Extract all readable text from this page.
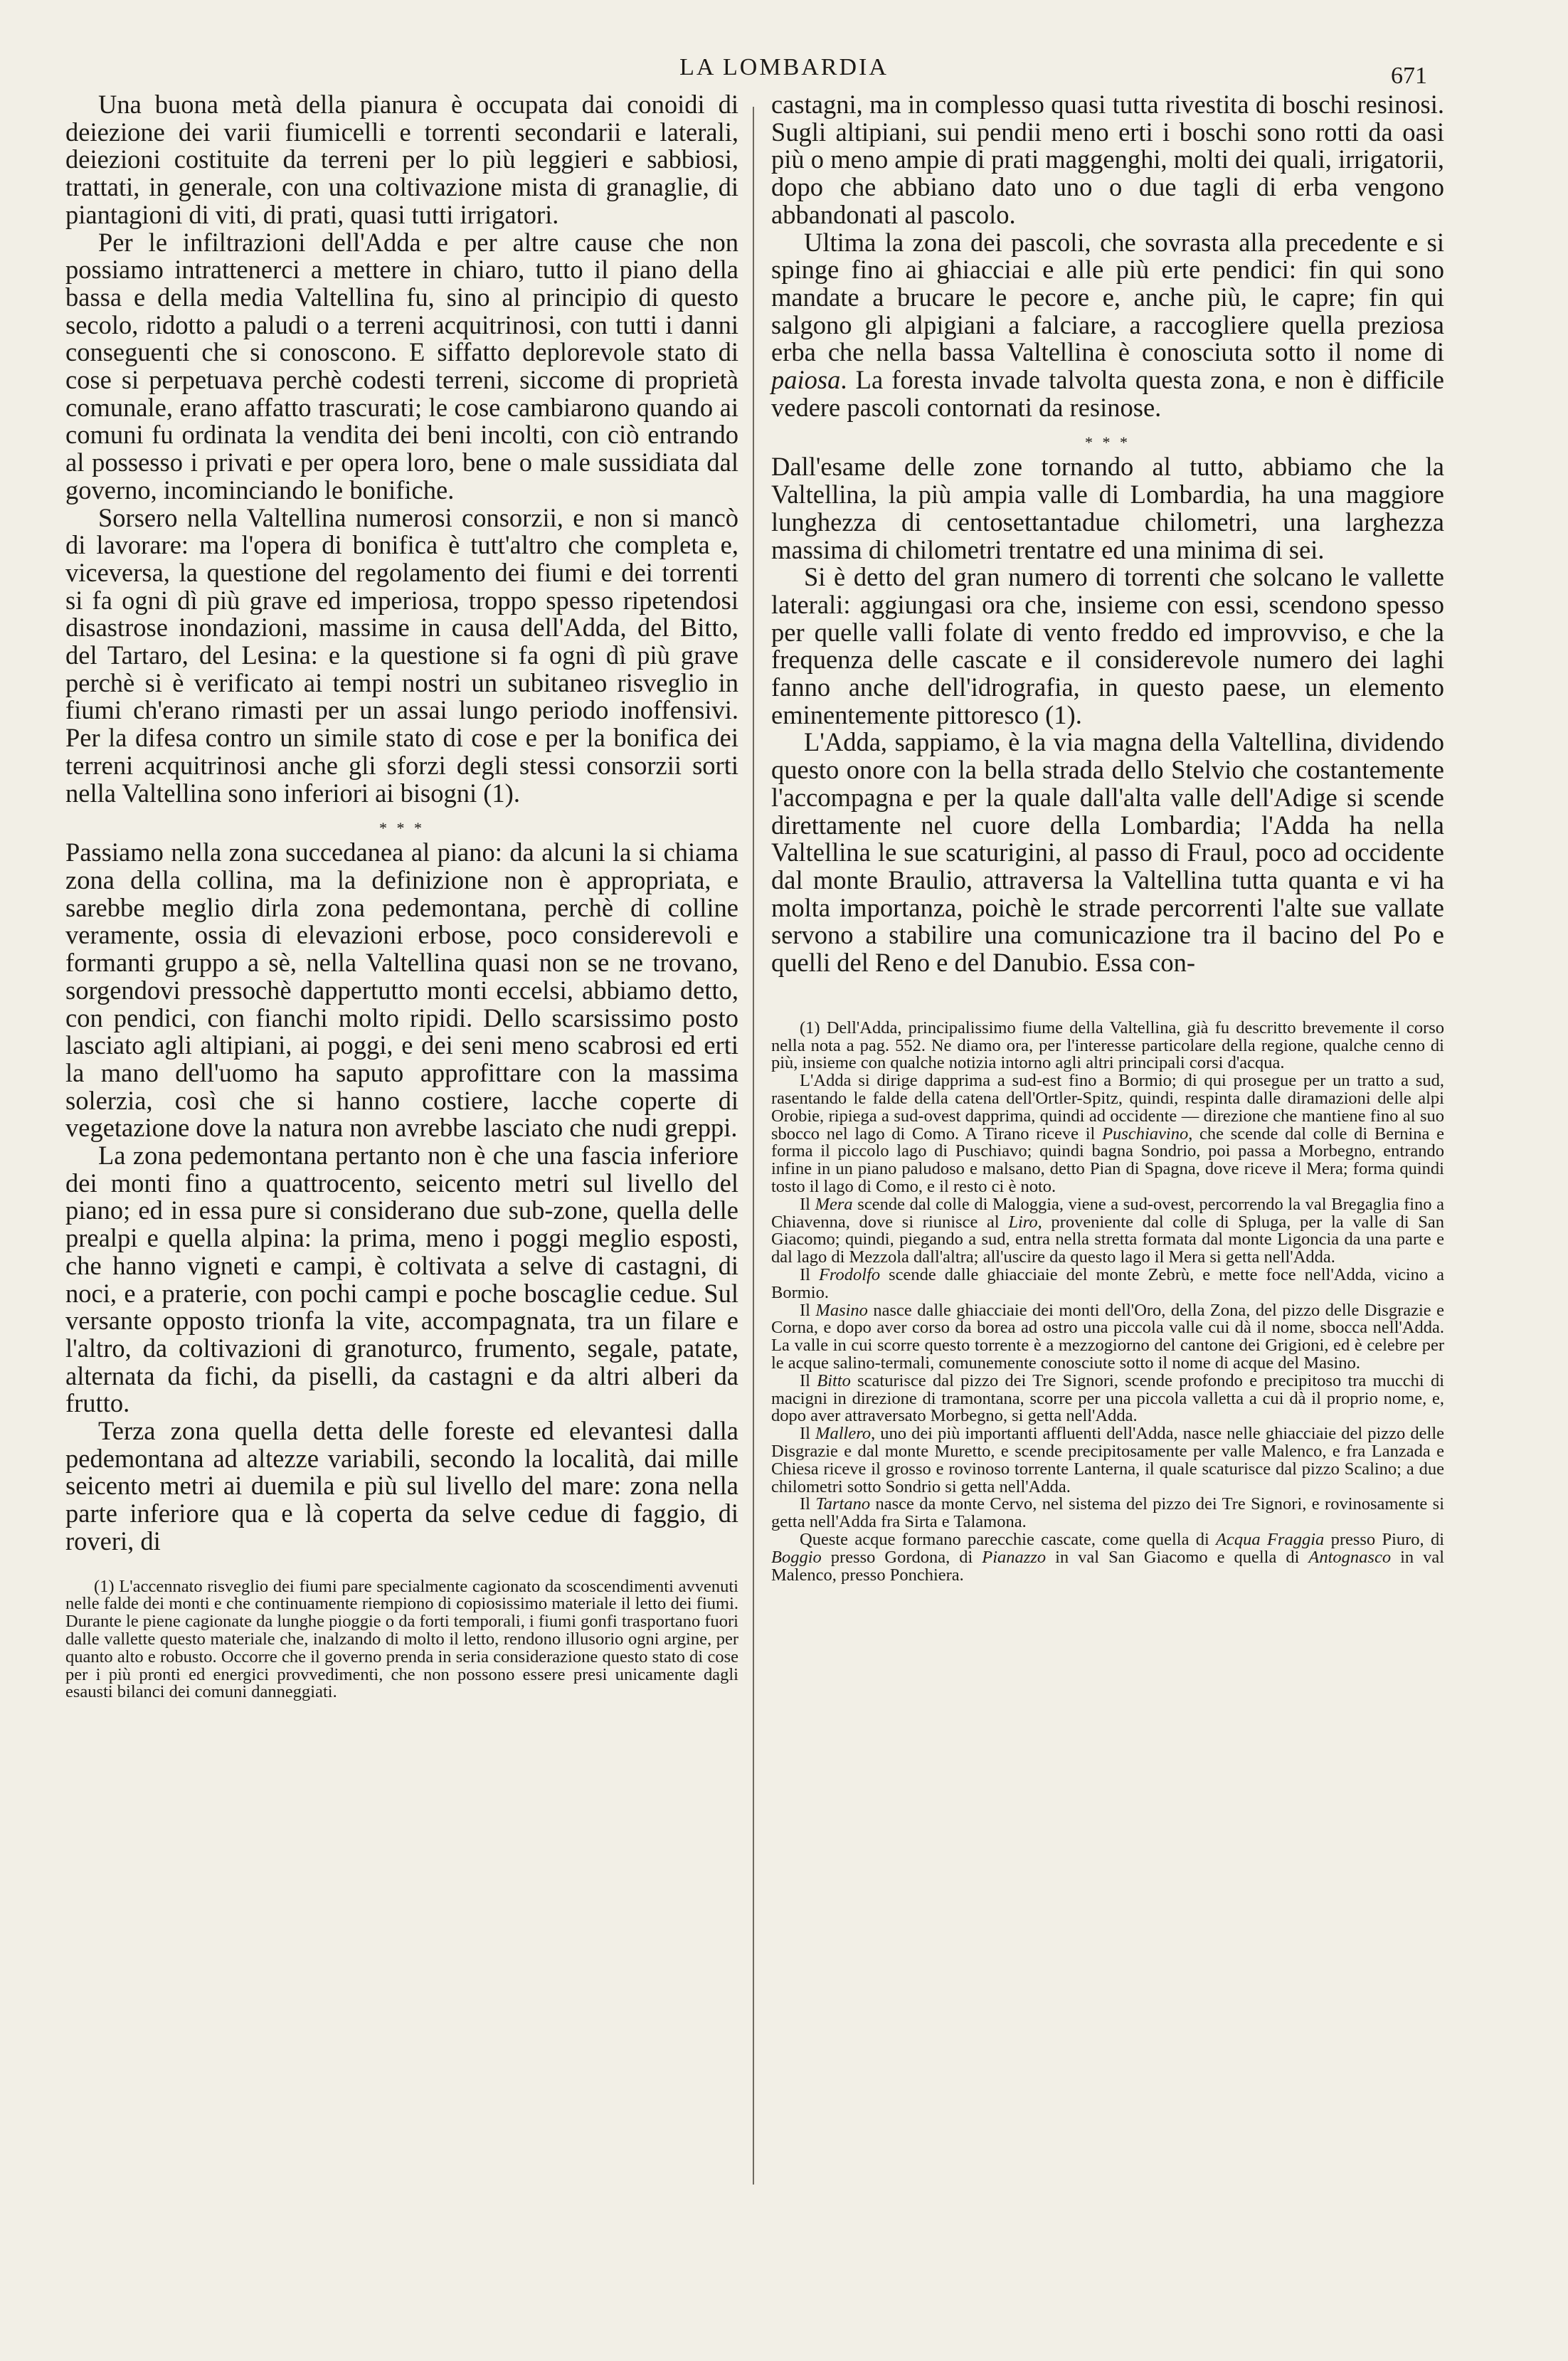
LA LOMBARDIA	671

Una buona metà della pianura è occupata dai conoidi di deiezione dei varii fiumicelli e torrenti secondarii e laterali, deiezioni costituite da terreni per lo più leggieri e sabbiosi, trattati, in generale, con una coltivazione mista di granaglie, di piantagioni di viti, di prati, quasi tutti irrigatori.

Per le infiltrazioni dell'Adda e per altre cause che non possiamo intrattenerci a mettere in chiaro, tutto il piano della bassa e della media Valtellina fu, sino al principio di questo secolo, ridotto a paludi o a terreni acquitrinosi, con tutti i danni conseguenti che si conoscono. E siffatto deplorevole stato di cose si perpetuava perchè codesti terreni, siccome di proprietà comunale, erano affatto trascurati; le cose cambiarono quando ai comuni fu ordinata la vendita dei beni incolti, con ciò entrando al possesso i privati e per opera loro, bene o male sussidiata dal governo, incominciando le bonifiche.

Sorsero nella Valtellina numerosi consorzii, e non si mancò di lavorare: ma l'opera di bonifica è tutt'altro che completa e, viceversa, la questione del regolamento dei fiumi e dei torrenti si fa ogni dì più grave ed imperiosa, troppo spesso ripetendosi disastrose inondazioni, massime in causa dell'Adda, del Bitto, del Tartaro, del Lesina: e la questione si fa ogni dì più grave perchè si è verificato ai tempi nostri un subitaneo risveglio in fiumi ch'erano rimasti per un assai lungo periodo inoffensivi. Per la difesa contro un simile stato di cose e per la bonifica dei terreni acquitrinosi anche gli sforzi degli stessi consorzii sorti nella Valtellina sono inferiori ai bisogni (1).

* * *

Passiamo nella zona succedanea al piano: da alcuni la si chiama zona della collina, ma la definizione non è appropriata, e sarebbe meglio dirla zona pedemontana, perchè di colline veramente, ossia di elevazioni erbose, poco considerevoli e formanti gruppo a sè, nella Valtellina quasi non se ne trovano, sorgendovi pressochè dappertutto monti eccelsi, abbiamo detto, con pendici, con fianchi molto ripidi. Dello scarsissimo posto lasciato agli altipiani, ai poggi, e dei seni meno scabrosi ed erti la mano dell'uomo ha saputo approfittare con la massima solerzia, così che si hanno costiere, lacche coperte di vegetazione dove la natura non avrebbe lasciato che nudi greppi.

La zona pedemontana pertanto non è che una fascia inferiore dei monti fino a quattrocento, seicento metri sul livello del piano; ed in essa pure si considerano due sub-zone, quella delle prealpi e quella alpina: la prima, meno i poggi meglio esposti, che hanno vigneti e campi, è coltivata a selve di castagni, di noci, e a praterie, con pochi campi e poche boscaglie cedue. Sul versante opposto trionfa la vite, accompagnata, tra un filare e l'altro, da coltivazioni di granoturco, frumento, segale, patate, alternata da fichi, da piselli, da castagni e da altri alberi da frutto.

Terza zona quella detta delle foreste ed elevantesi dalla pedemontana ad altezze variabili, secondo la località, dai mille seicento metri ai duemila e più sul livello del mare: zona nella parte inferiore qua e là coperta da selve cedue di faggio, di roveri, di

(1) L'accennato risveglio dei fiumi pare specialmente cagionato da scoscendimenti avvenuti nelle falde dei monti e che continuamente riempiono di copiosissimo materiale il letto dei fiumi. Durante le piene cagionate da lunghe pioggie o da forti temporali, i fiumi gonfi trasportano fuori dalle vallette questo materiale che, inalzando di molto il letto, rendono illusorio ogni argine, per quanto alto e robusto. Occorre che il governo prenda in seria considerazione questo stato di cose per i più pronti ed energici provvedimenti, che non possono essere presi unicamente dagli esausti bilanci dei comuni danneggiati.

castagni, ma in complesso quasi tutta rivestita di boschi resinosi. Sugli altipiani, sui pendii meno erti i boschi sono rotti da oasi più o meno ampie di prati maggenghi, molti dei quali, irrigatorii, dopo che abbiano dato uno o due tagli di erba vengono abbandonati al pascolo.

Ultima la zona dei pascoli, che sovrasta alla precedente e si spinge fino ai ghiacciai e alle più erte pendici: fin qui sono mandate a brucare le pecore e, anche più, le capre; fin qui salgono gli alpigiani a falciare, a raccogliere quella preziosa erba che nella bassa Valtellina è conosciuta sotto il nome di paiosa. La foresta invade talvolta questa zona, e non è difficile vedere pascoli contornati da resinose.

* * *

Dall'esame delle zone tornando al tutto, abbiamo che la Valtellina, la più ampia valle di Lombardia, ha una maggiore lunghezza di centosettantadue chilometri, una larghezza massima di chilometri trentatre ed una minima di sei.

Si è detto del gran numero di torrenti che solcano le vallette laterali: aggiungasi ora che, insieme con essi, scendono spesso per quelle valli folate di vento freddo ed improvviso, e che la frequenza delle cascate e il considerevole numero dei laghi fanno anche dell'idrografia, in questo paese, un elemento eminentemente pittoresco (1).

L'Adda, sappiamo, è la via magna della Valtellina, dividendo questo onore con la bella strada dello Stelvio che costantemente l'accompagna e per la quale dall'alta valle dell'Adige si scende direttamente nel cuore della Lombardia; l'Adda ha nella Valtellina le sue scaturigini, al passo di Fraul, poco ad occidente dal monte Braulio, attraversa la Valtellina tutta quanta e vi ha molta importanza, poichè le strade percorrenti l'alte sue vallate servono a stabilire una comunicazione tra il bacino del Po e quelli del Reno e del Danubio. Essa con-

(1) Dell'Adda, principalissimo fiume della Valtellina, già fu descritto brevemente il corso nella nota a pag. 552. Ne diamo ora, per l'interesse particolare della regione, qualche cenno di più, insieme con qualche notizia intorno agli altri principali corsi d'acqua.

L'Adda si dirige dapprima a sud-est fino a Bormio; di qui prosegue per un tratto a sud, rasentando le falde della catena dell'Ortler-Spitz, quindi, respinta dalle diramazioni delle alpi Orobie, ripiega a sud-ovest dapprima, quindi ad occidente — direzione che mantiene fino al suo sbocco nel lago di Como. A Tirano riceve il Puschiavino, che scende dal colle di Bernina e forma il piccolo lago di Puschiavo; quindi bagna Sondrio, poi passa a Morbegno, entrando infine in un piano paludoso e malsano, detto Pian di Spagna, dove riceve il Mera; forma quindi tosto il lago di Como, e il resto ci è noto.

Il Mera scende dal colle di Maloggia, viene a sud-ovest, percorrendo la val Bregaglia fino a Chiavenna, dove si riunisce al Liro, proveniente dal colle di Spluga, per la valle di San Giacomo; quindi, piegando a sud, entra nella stretta formata dal monte Ligoncia da una parte e dal lago di Mezzola dall'altra; all'uscire da questo lago il Mera si getta nell'Adda.

Il Frodolfo scende dalle ghiacciaie del monte Zebrù, e mette foce nell'Adda, vicino a Bormio.

Il Masino nasce dalle ghiacciaie dei monti dell'Oro, della Zona, del pizzo delle Disgrazie e Corna, e dopo aver corso da borea ad ostro una piccola valle cui dà il nome, sbocca nell'Adda. La valle in cui scorre questo torrente è a mezzogiorno del cantone dei Grigioni, ed è celebre per le acque salino-termali, comunemente conosciute sotto il nome di acque del Masino.

Il Bitto scaturisce dal pizzo dei Tre Signori, scende profondo e precipitoso tra mucchi di macigni in direzione di tramontana, scorre per una piccola valletta a cui dà il proprio nome, e, dopo aver attraversato Morbegno, si getta nell'Adda.

Il Mallero, uno dei più importanti affluenti dell'Adda, nasce nelle ghiacciaie del pizzo delle Disgrazie e dal monte Muretto, e scende precipitosamente per valle Malenco, e fra Lanzada e Chiesa riceve il grosso e rovinoso torrente Lanterna, il quale scaturisce dal pizzo Scalino; a due chilometri sotto Sondrio si getta nell'Adda.

Il Tartano nasce da monte Cervo, nel sistema del pizzo dei Tre Signori, e rovinosamente si getta nell'Adda fra Sirta e Talamona.

Queste acque formano parecchie cascate, come quella di Acqua Fraggia presso Piuro, di Boggio presso Gordona, di Pianazzo in val San Giacomo e quella di Antognasco in val Malenco, presso Ponchiera.
